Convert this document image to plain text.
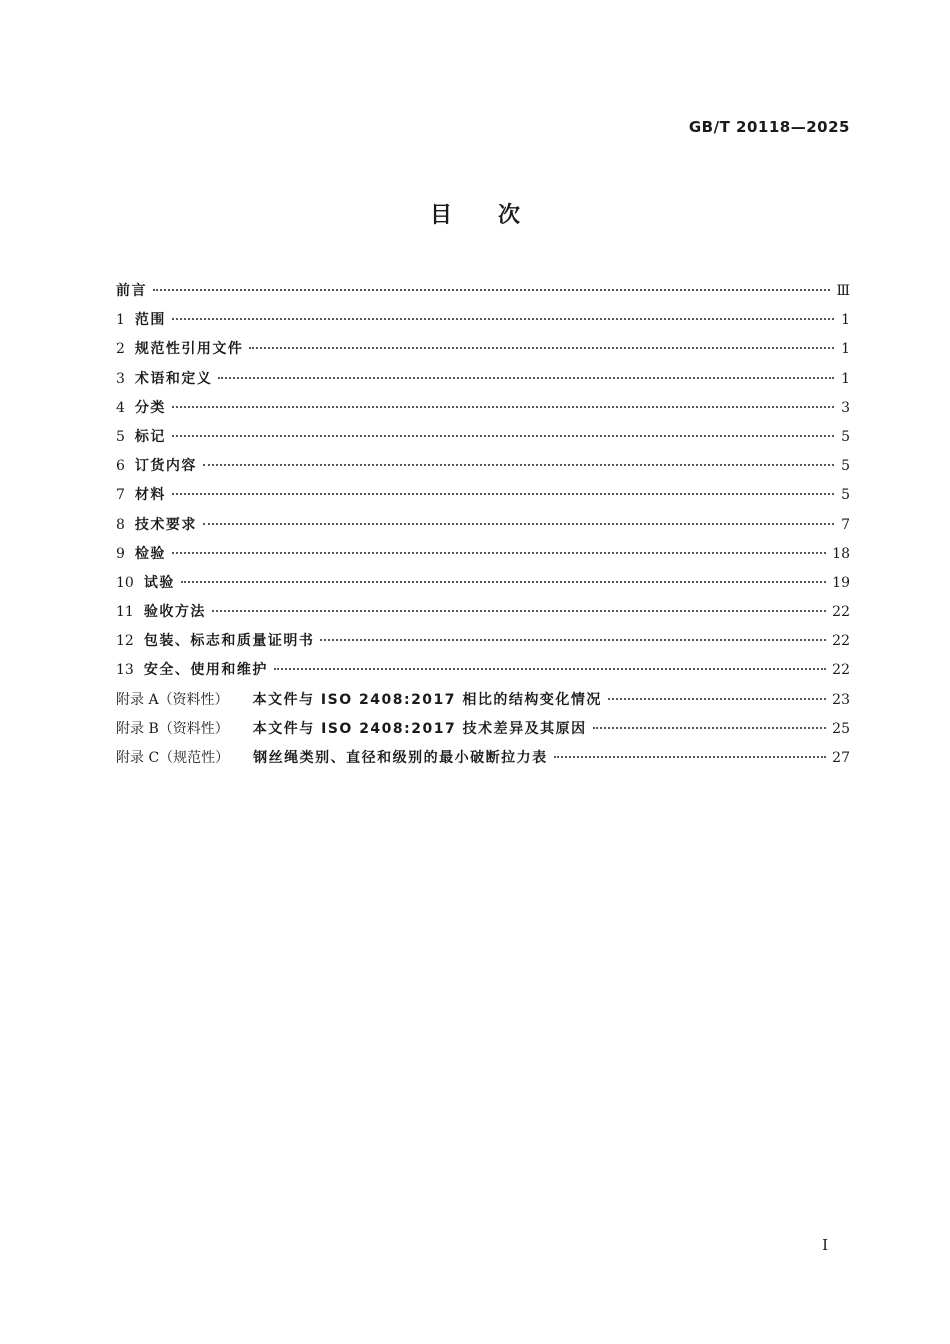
GB/T 20118—2025
目次
前言	Ⅲ
1 范围	1
2 规范性引用文件	1
3 术语和定义	1
4 分类	3
5 标记	5
6 订货内容	5
7 材料	5
8 技术要求	7
9 检验	18
10 试验	19
11 验收方法	22
12 包装、标志和质量证明书	22
13 安全、使用和维护	22
附录 A（资料性） 本文件与 ISO 2408:2017 相比的结构变化情况	23
附录 B（资料性） 本文件与 ISO 2408:2017 技术差异及其原因	25
附录 C（规范性） 钢丝绳类别、直径和级别的最小破断拉力表	27
I
